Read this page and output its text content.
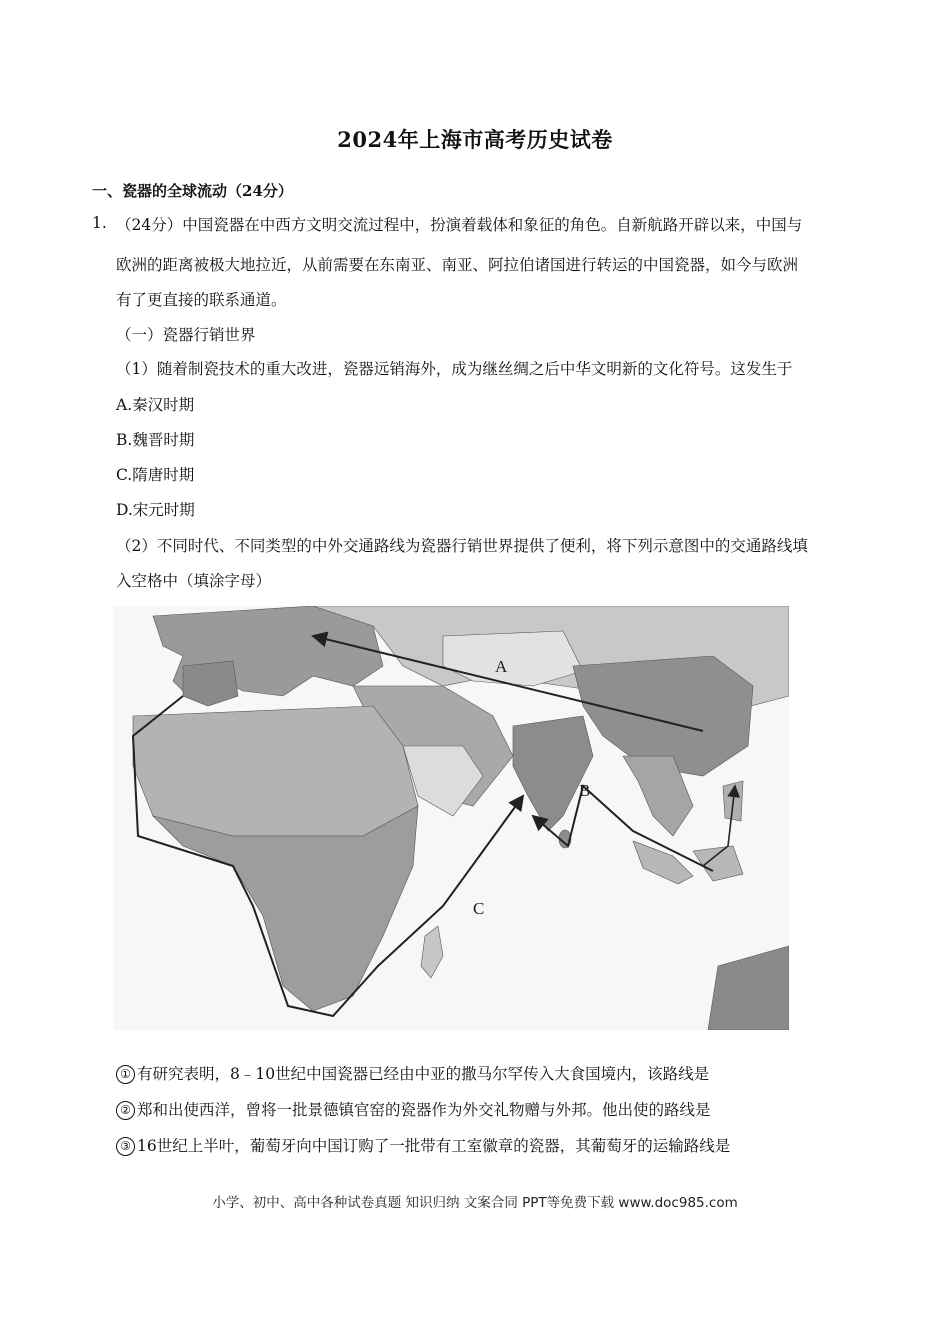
2024年上海市高考历史试卷
一、瓷器的全球流动（24分）
1. （24分）中国瓷器在中西方文明交流过程中，扮演着载体和象征的角色。自新航路开辟以来，中国与
欧洲的距离被极大地拉近，从前需要在东南亚、南亚、阿拉伯诸国进行转运的中国瓷器，如今与欧洲
有了更直接的联系通道。
（一）瓷器行销世界
（1）随着制瓷技术的重大改进，瓷器远销海外，成为继丝绸之后中华文明新的文化符号。这发生于
A.秦汉时期
B.魏晋时期
C.隋唐时期
D.宋元时期
（2）不同时代、不同类型的中外交通路线为瓷器行销世界提供了便利，将下列示意图中的交通路线填
入空格中（填涂字母）
A
B
C
① 有研究表明，8﹣10世纪中国瓷器已经由中亚的撒马尔罕传入大食国境内，该路线是
② 郑和出使西洋，曾将一批景德镇官窑的瓷器作为外交礼物赠与外邦。他出使的路线是
③ 16世纪上半叶，葡萄牙向中国订购了一批带有工室徽章的瓷器，其葡萄牙的运输路线是
小学、初中、高中各种试卷真题 知识归纳 文案合同 PPT等免费下载 www.doc985.com
